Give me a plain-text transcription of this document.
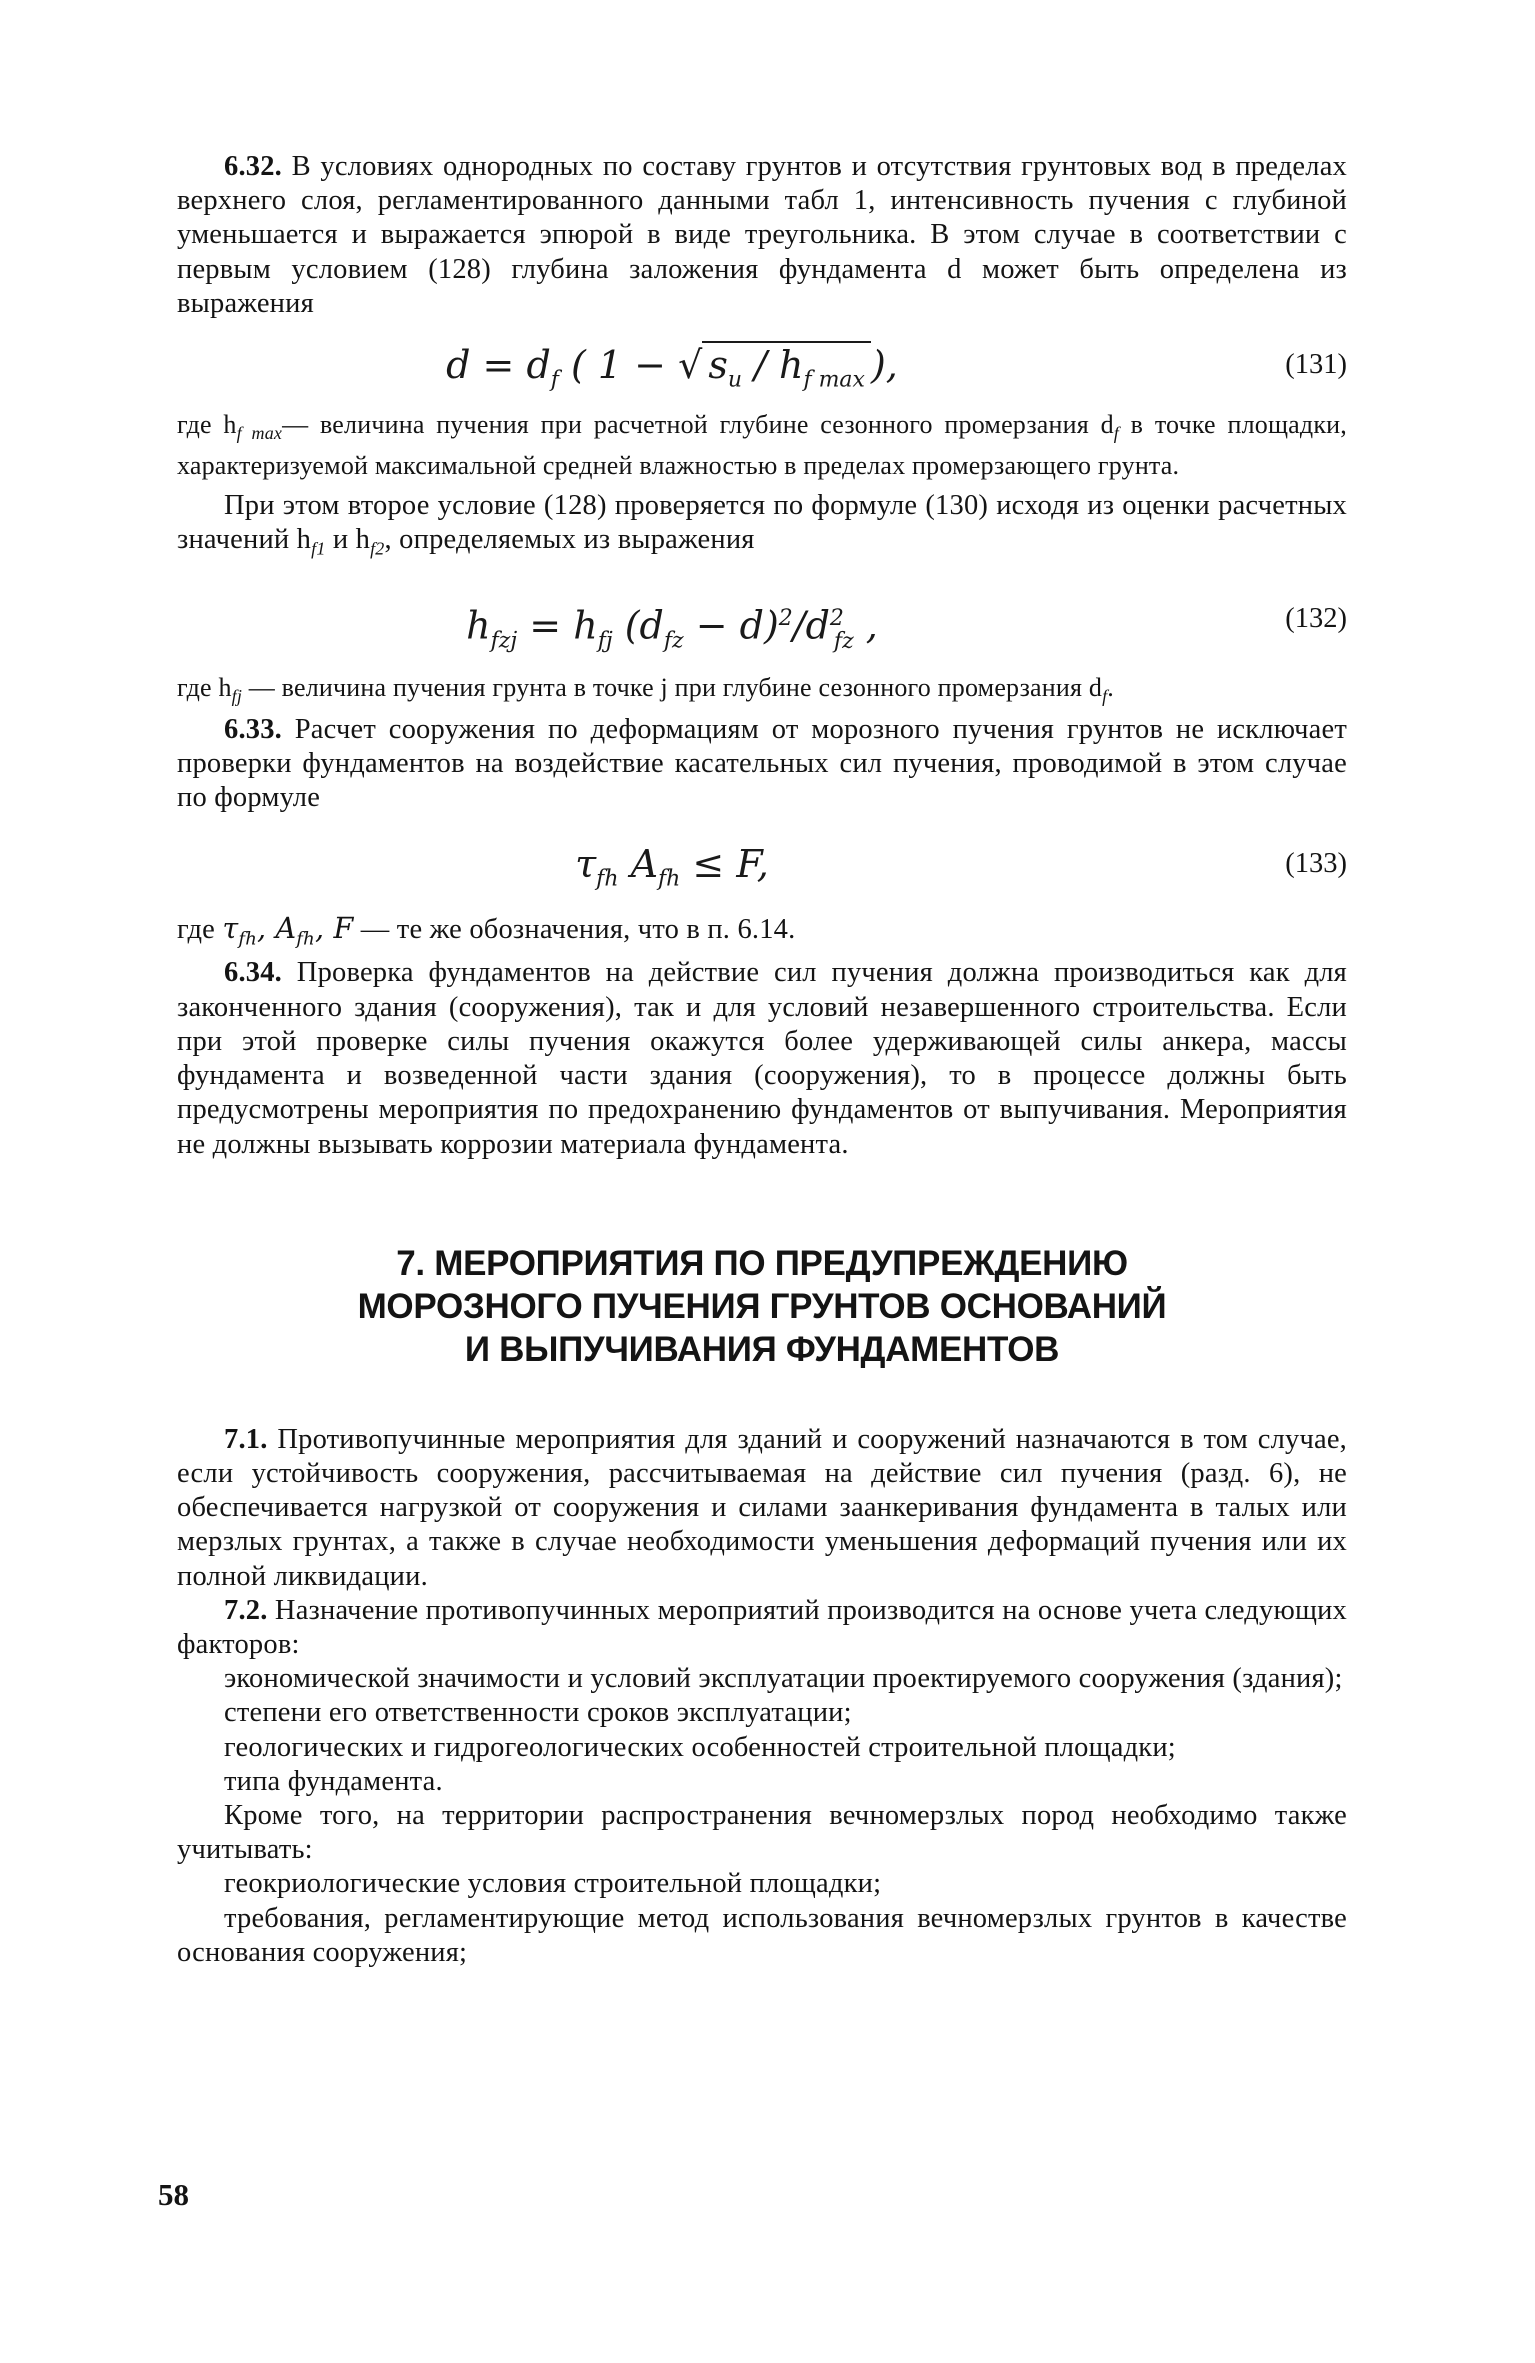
6.32. В условиях однородных по составу грунтов и отсутствия грунтовых вод в пределах верхнего слоя, регламентированного данными табл 1, интенсивность пучения с глубиной уменьшается и выражается эпюрой в виде треугольника. В этом случае в соответствии с первым условием (128) глубина заложения фундамента d может быть определена из выражения

$d = d_f$ ( 1 − √ $s_u / h_{f max}$ ),	(131)

где $h_{f max}—$ величина пучения при расчетной глубине сезонного промерзания $d_f$ в точке площадки, характеризуемой максимальной средней влажностью в пределах промерзающего грунта.

При этом второе условие (128) проверяется по формуле (130) исходя из оценки расчетных значений $h_{f1}$ и $h_{f2}$, определяемых из выражения

$h_{fzj} = h_{fj}$ $(d_{fz} - d)^2/d^2_{fz}$ ,	(132)

где $h_{fj}$ — величина пучения грунта в точке j при глубине сезонного промерзания $d_f$.

6.33. Расчет сооружения по деформациям от морозного пучения грунтов не исключает проверки фундаментов на воздействие касательных сил пучения, проводимой в этом случае по формуле

$\tau_{fh}$ $A_{fh} \le F$,	(133)

где $\tau_{fh}$, $A_{fh}$, F — те же обозначения, что в п. 6.14.

6.34. Проверка фундаментов на действие сил пучения должна производиться как для законченного здания (сооружения), так и для условий незавершенного строительства. Если при этой проверке силы пучения окажутся более удерживающей силы анкера, массы фундамента и возведенной части здания (сооружения), то в процессе должны быть предусмотрены мероприятия по предохранению фундаментов от выпучивания. Мероприятия не должны вызывать коррозии материала фундамента.

7. МЕРОПРИЯТИЯ ПО ПРЕДУПРЕЖДЕНИЮ
МОРОЗНОГО ПУЧЕНИЯ ГРУНТОВ ОСНОВАНИЙ
И ВЫПУЧИВАНИЯ ФУНДАМЕНТОВ

7.1. Противопучинные мероприятия для зданий и сооружений назначаются в том случае, если устойчивость сооружения, рассчитываемая на действие сил пучения (разд. 6), не обеспечивается нагрузкой от сооружения и силами заанкеривания фундамента в талых или мерзлых грунтах, а также в случае необходимости уменьшения деформаций пучения или их полной ликвидации.

7.2. Назначение противопучинных мероприятий производится на основе учета следующих факторов:

экономической значимости и условий эксплуатации проектируемого сооружения (здания);

степени его ответственности сроков эксплуатации;

геологических и гидрогеологических особенностей строительной площадки;

типа фундамента.

Кроме того, на территории распространения вечномерзлых пород необходимо также учитывать:

геокриологические условия строительной площадки;

требования, регламентирующие метод использования вечномерзлых грунтов в качестве основания сооружения;

58
